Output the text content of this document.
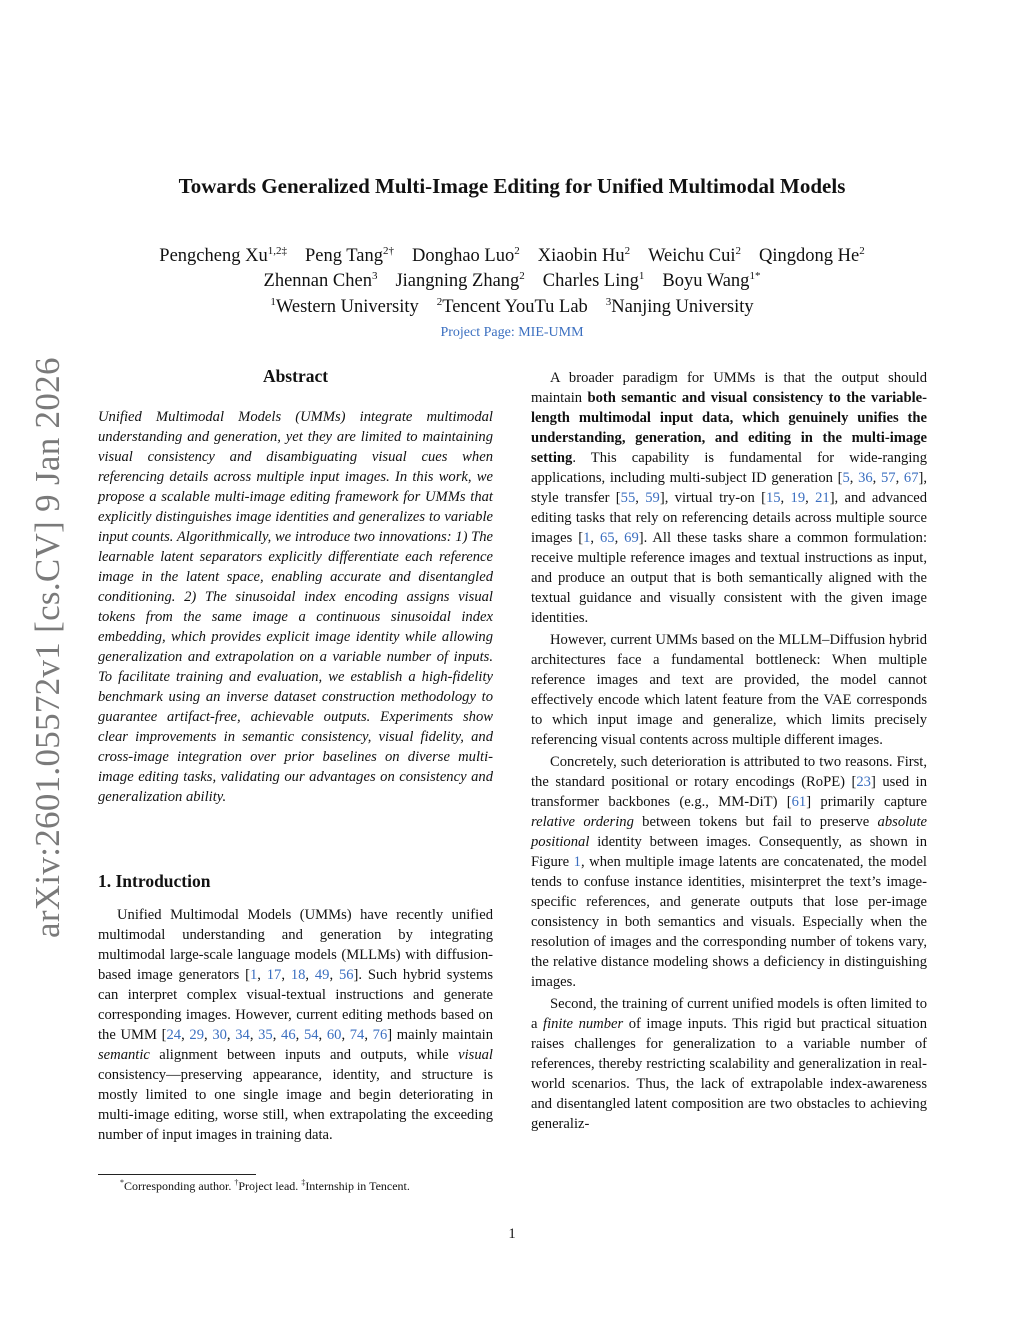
arXiv:2601.05572v1 [cs.CV] 9 Jan 2026
Towards Generalized Multi-Image Editing for Unified Multimodal Models
Pengcheng $Xu^{1,2\ddagger}$ Peng Tang$^{2\dagger}$ Donghao Luo$^2$ Xiaobin Hu$^2$ Weichu Cui$^2$ Qingdong He$^2$
Zhennan Chen$^3$ Jiangning Zhang$^2$ Charles Ling$^1$ Boyu Wang$^{1*}$
$^1$Western University $^2$Tencent YouTu Lab $^3$Nanjing University
Project Page: MIE-UMM
Abstract

Unified Multimodal Models (UMMs) integrate multimodal understanding and generation, yet they are limited to maintaining visual consistency and disambiguating visual cues when referencing details across multiple input images. In this work, we propose a scalable multi-image editing framework for UMMs that explicitly distinguishes image identities and generalizes to variable input counts. Algorithmically, we introduce two innovations: 1) The learnable latent separators explicitly differentiate each reference image in the latent space, enabling accurate and disentangled conditioning. 2) The sinusoidal index encoding assigns visual tokens from the same image a continuous sinusoidal index embedding, which provides explicit image identity while allowing generalization and extrapolation on a variable number of inputs. To facilitate training and evaluation, we establish a high-fidelity benchmark using an inverse dataset construction methodology to guarantee artifact-free, achievable outputs. Experiments show clear improvements in semantic consistency, visual fidelity, and cross-image integration over prior baselines on diverse multi-image editing tasks, validating our advantages on consistency and generalization ability.

1. Introduction

Unified Multimodal Models (UMMs) have recently unified multimodal understanding and generation by integrating multimodal large-scale language models (MLLMs) with diffusion-based image generators [1, 17, 18, 49, 56]. Such hybrid systems can interpret complex visual-textual instructions and generate corresponding images. However, current editing methods based on the UMM [24, 29, 30, 34, 35, 46, 54, 60, 74, 76] mainly maintain semantic alignment between inputs and outputs, while visual consistency—preserving appearance, identity, and structure is mostly limited to one single image and begin deteriorating in multi-image editing, worse still, when extrapolating the exceeding number of input images in training data.

*Corresponding author. †Project lead. ‡Internship in Tencent.

A broader paradigm for UMMs is that the output should maintain both semantic and visual consistency to the variable-length multimodal input data, which genuinely unifies the understanding, generation, and editing in the multi-image setting. This capability is fundamental for wide-ranging applications, including multi-subject ID generation [5, 36, 57, 67], style transfer [55, 59], virtual try-on [15, 19, 21], and advanced editing tasks that rely on referencing details across multiple source images [1, 65, 69]. All these tasks share a common formulation: receive multiple reference images and textual instructions as input, and produce an output that is both semantically aligned with the textual guidance and visually consistent with the given image identities.

However, current UMMs based on the MLLM–Diffusion hybrid architectures face a fundamental bottleneck: When multiple reference images and text are provided, the model cannot effectively encode which latent feature from the VAE corresponds to which input image and generalize, which limits precisely referencing visual contents across multiple different images.

Concretely, such deterioration is attributed to two reasons. First, the standard positional or rotary encodings (RoPE) [23] used in transformer backbones (e.g., MM-DiT) [61] primarily capture relative ordering between tokens but fail to preserve absolute positional identity between images. Consequently, as shown in Figure 1, when multiple image latents are concatenated, the model tends to confuse instance identities, misinterpret the text’s image-specific references, and generate outputs that lose per-image consistency in both semantics and visuals. Especially when the resolution of images and the corresponding number of tokens vary, the relative distance modeling shows a deficiency in distinguishing images.

Second, the training of current unified models is often limited to a finite number of image inputs. This rigid but practical situation raises challenges for generalization to a variable number of references, thereby restricting scalability and generalization in real-world scenarios. Thus, the lack of extrapolable index-awareness and disentangled latent composition are two obstacles to achieving generaliz-

1
